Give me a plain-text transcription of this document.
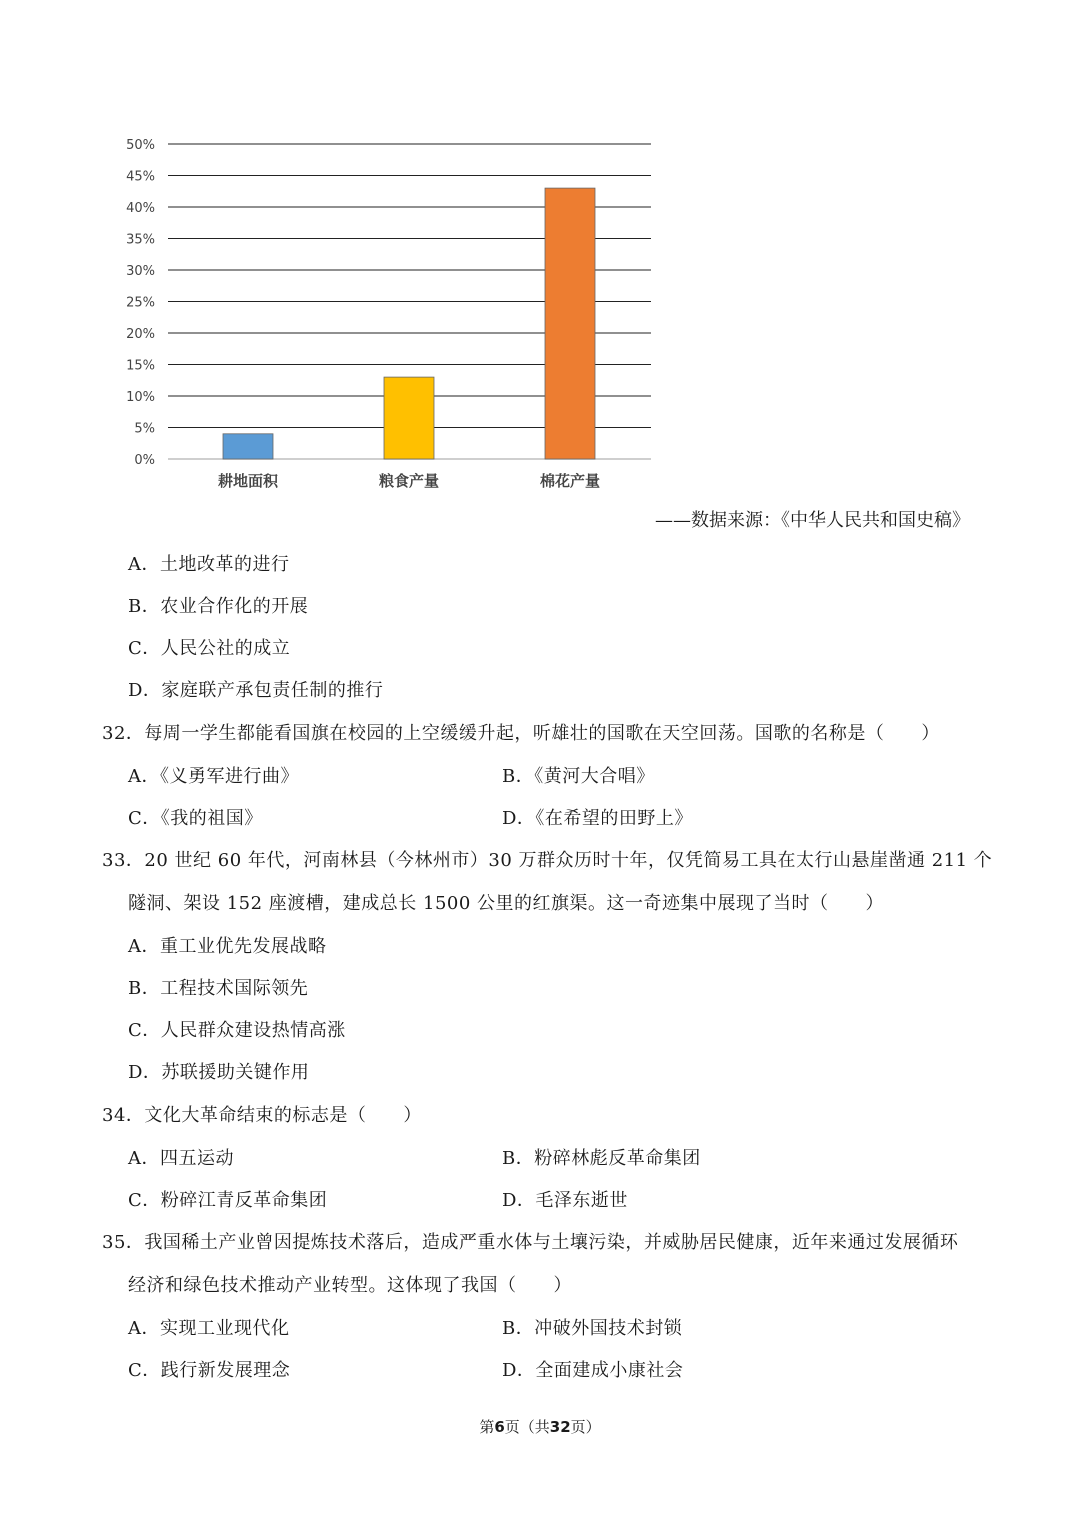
0%
5%
10%
15%
20%
25%
30%
35%
40%
45%
50%
耕地面积	粮食产量	棉花产量
——数据来源：《中华人民共和国史稿》
A．土地改革的进行
B．农业合作化的开展
C．人民公社的成立
D．家庭联产承包责任制的推行
32．每周一学生都能看国旗在校园的上空缓缓升起，听雄壮的国歌在天空回荡。国歌的名称是（　　）
A．《义勇军进行曲》	B．《黄河大合唱》
C．《我的祖国》	D．《在希望的田野上》
33．20 世纪 60 年代，河南林县（今林州市）30 万群众历时十年，仅凭简易工具在太行山悬崖凿通 211 个
隧洞、架设 152 座渡槽，建成总长 1500 公里的红旗渠。这一奇迹集中展现了当时（　　）
A．重工业优先发展战略
B．工程技术国际领先
C．人民群众建设热情高涨
D．苏联援助关键作用
34．文化大革命结束的标志是（　　）
A．四五运动	B．粉碎林彪反革命集团
C．粉碎江青反革命集团	D．毛泽东逝世
35．我国稀土产业曾因提炼技术落后，造成严重水体与土壤污染，并威胁居民健康，近年来通过发展循环
经济和绿色技术推动产业转型。这体现了我国（　　）
A．实现工业现代化	B．冲破外国技术封锁
C．践行新发展理念	D．全面建成小康社会
第6页（共32页）
